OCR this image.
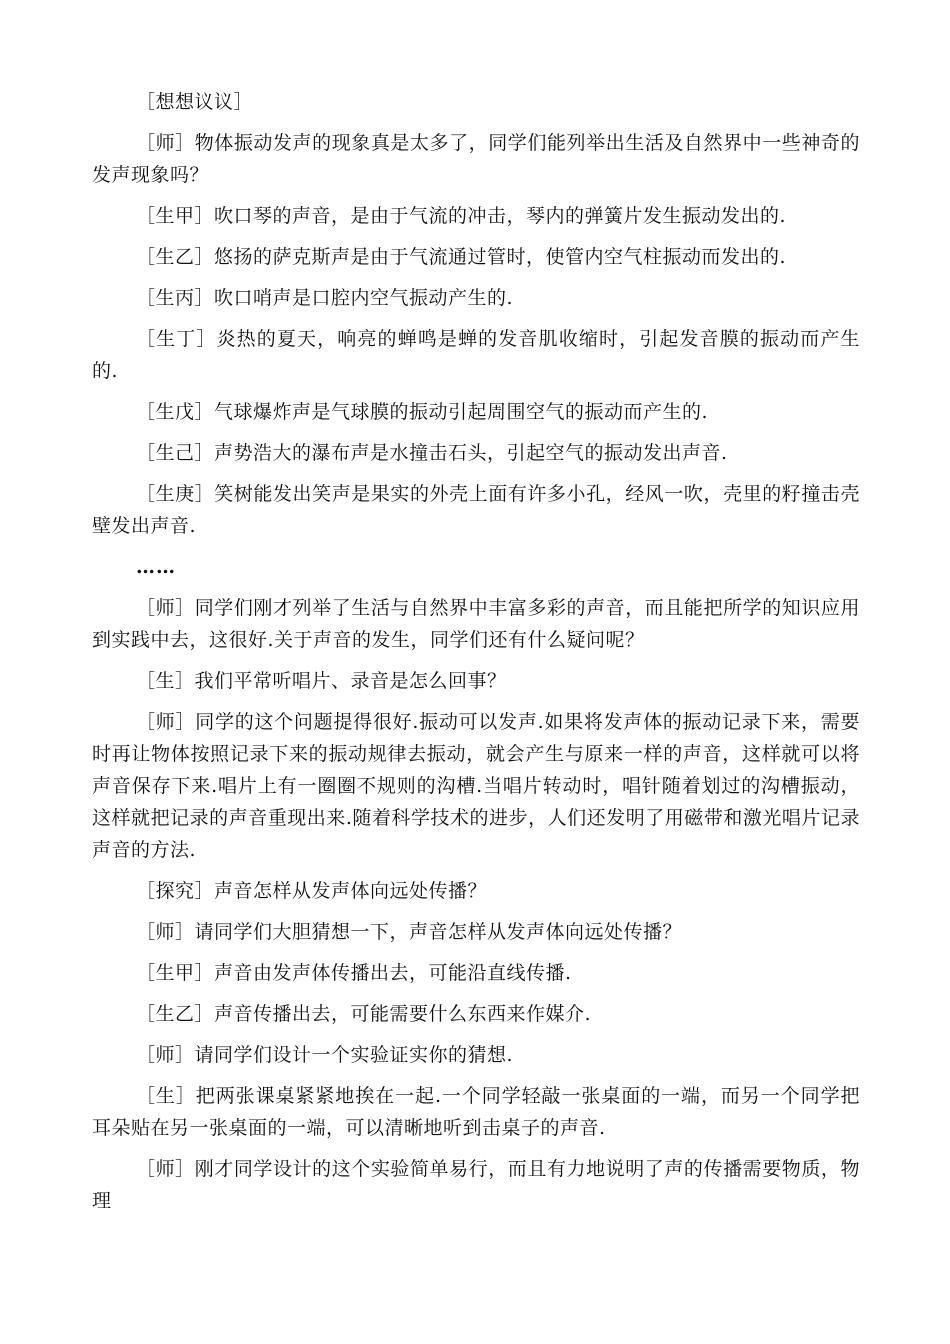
［想想议议］

［师］物体振动发声的现象真是太多了，同学们能列举出生活及自然界中一些神奇的发声现象吗？

［生甲］吹口琴的声音，是由于气流的冲击，琴内的弹簧片发生振动发出的.

［生乙］悠扬的萨克斯声是由于气流通过管时，使管内空气柱振动而发出的.

［生丙］吹口哨声是口腔内空气振动产生的.

［生丁］炎热的夏天，响亮的蝉鸣是蝉的发音肌收缩时，引起发音膜的振动而产生的.

［生戊］气球爆炸声是气球膜的振动引起周围空气的振动而产生的.

［生己］声势浩大的瀑布声是水撞击石头，引起空气的振动发出声音.

［生庚］笑树能发出笑声是果实的外壳上面有许多小孔，经风一吹，壳里的籽撞击壳壁发出声音.

……

［师］同学们刚才列举了生活与自然界中丰富多彩的声音，而且能把所学的知识应用到实践中去，这很好.关于声音的发生，同学们还有什么疑问呢？

［生］我们平常听唱片、录音是怎么回事？

［师］同学的这个问题提得很好.振动可以发声.如果将发声体的振动记录下来，需要时再让物体按照记录下来的振动规律去振动，就会产生与原来一样的声音，这样就可以将声音保存下来.唱片上有一圈圈不规则的沟槽.当唱片转动时，唱针随着划过的沟槽振动，这样就把记录的声音重现出来.随着科学技术的进步，人们还发明了用磁带和激光唱片记录声音的方法.

［探究］声音怎样从发声体向远处传播？

［师］请同学们大胆猜想一下，声音怎样从发声体向远处传播？

［生甲］声音由发声体传播出去，可能沿直线传播.

［生乙］声音传播出去，可能需要什么东西来作媒介.

［师］请同学们设计一个实验证实你的猜想.

［生］把两张课桌紧紧地挨在一起.一个同学轻敲一张桌面的一端，而另一个同学把耳朵贴在另一张桌面的一端，可以清晰地听到击桌子的声音.

［师］刚才同学设计的这个实验简单易行，而且有力地说明了声的传播需要物质，物理
